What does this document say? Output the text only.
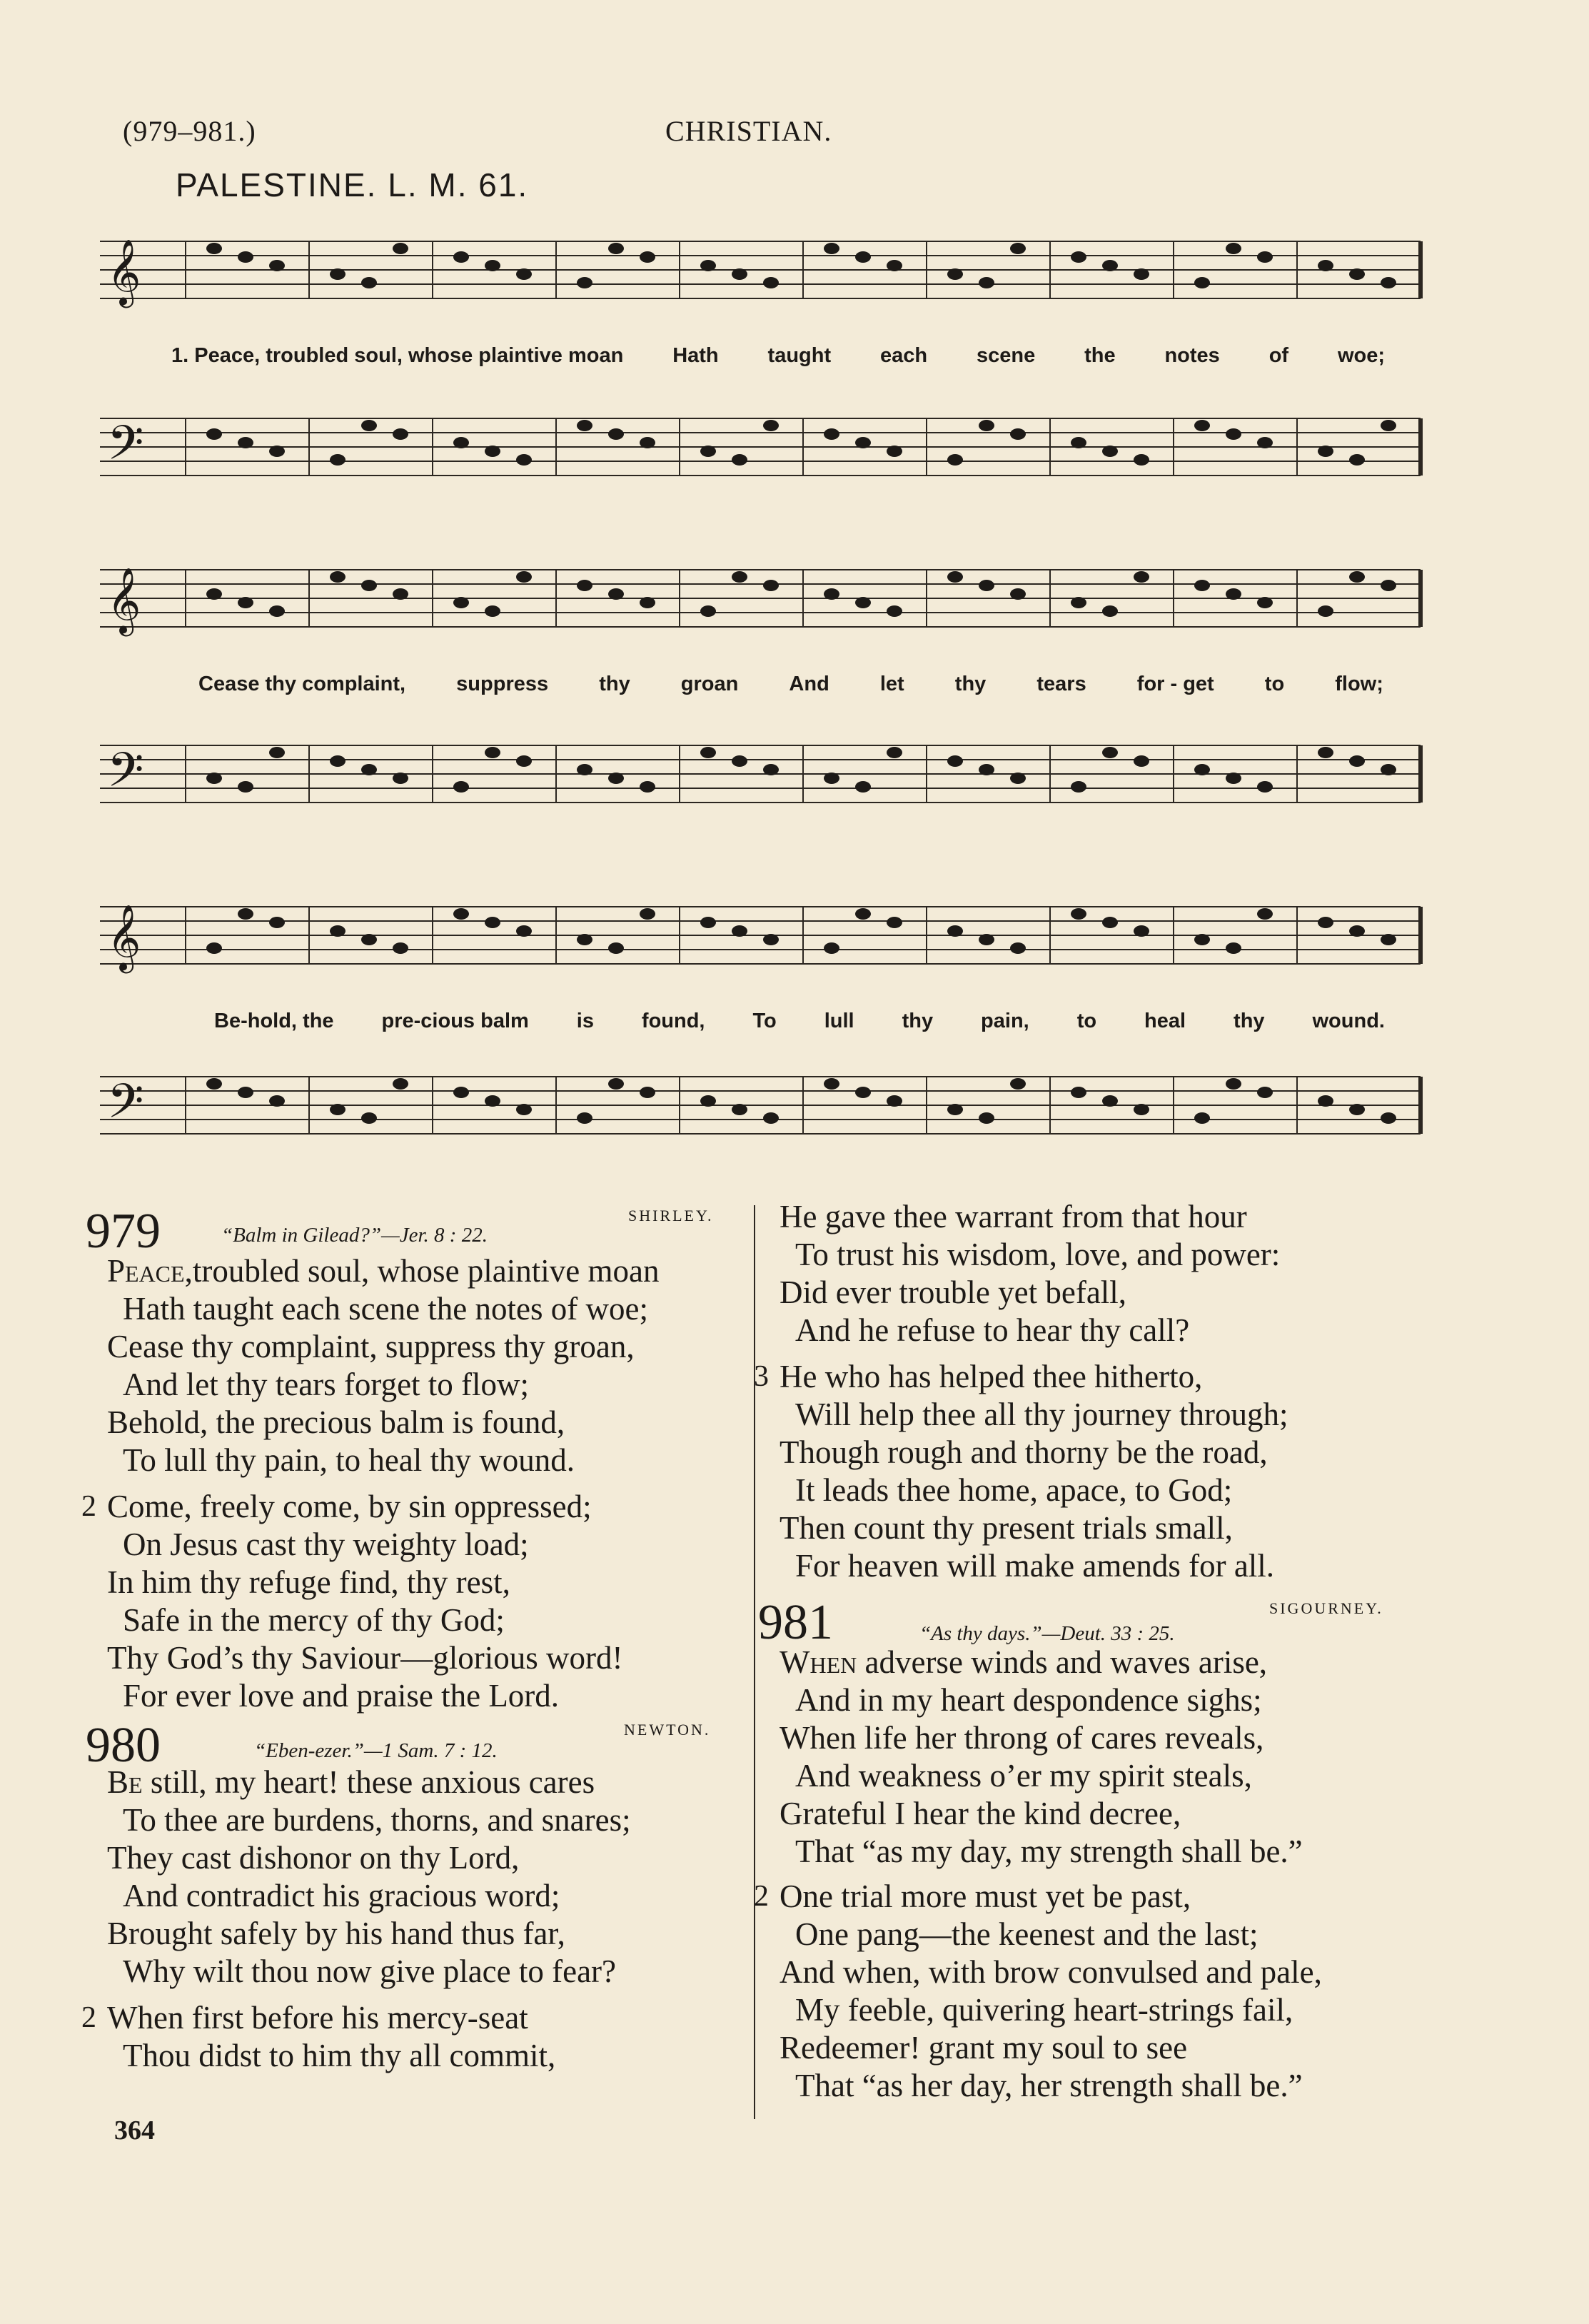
(979–981.)	CHRISTIAN.
PALESTINE. L. M. 61.
𝄞
𝄢
𝄞
𝄢
𝄞
𝄢
1. Peace, troubled soul, whose plaintive moan Hath taught each scene the notes of woe;
Cease thy complaint, suppress thy groan And let thy tears for - get to flow;
Be-hold, the pre-cious balm is found, To lull thy pain, to heal thy wound.
979	“Balm in Gilead?”—Jer. 8 : 22.
SHIRLEY.
Peace,troubled soul, whose plaintive moan
Hath taught each scene the notes of woe;
Cease thy complaint, suppress thy groan,
And let thy tears forget to flow;
Behold, the precious balm is found,
To lull thy pain, to heal thy wound.
2 Come, freely come, by sin oppressed;
On Jesus cast thy weighty load;
In him thy refuge find, thy rest,
Safe in the mercy of thy God;
Thy God’s thy Saviour—glorious word!
For ever love and praise the Lord.
980	“Eben-ezer.”—1 Sam. 7 : 12.
NEWTON.
Be still, my heart! these anxious cares
To thee are burdens, thorns, and snares;
They cast dishonor on thy Lord,
And contradict his gracious word;
Brought safely by his hand thus far,
Why wilt thou now give place to fear?
2 When first before his mercy-seat
Thou didst to him thy all commit,
He gave thee warrant from that hour
To trust his wisdom, love, and power:
Did ever trouble yet befall,
And he refuse to hear thy call?
3 He who has helped thee hitherto,
Will help thee all thy journey through;
Though rough and thorny be the road,
It leads thee home, apace, to God;
Then count thy present trials small,
For heaven will make amends for all.
981	“As thy days.”—Deut. 33 : 25.
SIGOURNEY.
When adverse winds and waves arise,
And in my heart despondence sighs;
When life her throng of cares reveals,
And weakness o’er my spirit steals,
Grateful I hear the kind decree,
That “as my day, my strength shall be.”
2 One trial more must yet be past,
One pang—the keenest and the last;
And when, with brow convulsed and pale,
My feeble, quivering heart-strings fail,
Redeemer! grant my soul to see
That “as her day, her strength shall be.”
364
